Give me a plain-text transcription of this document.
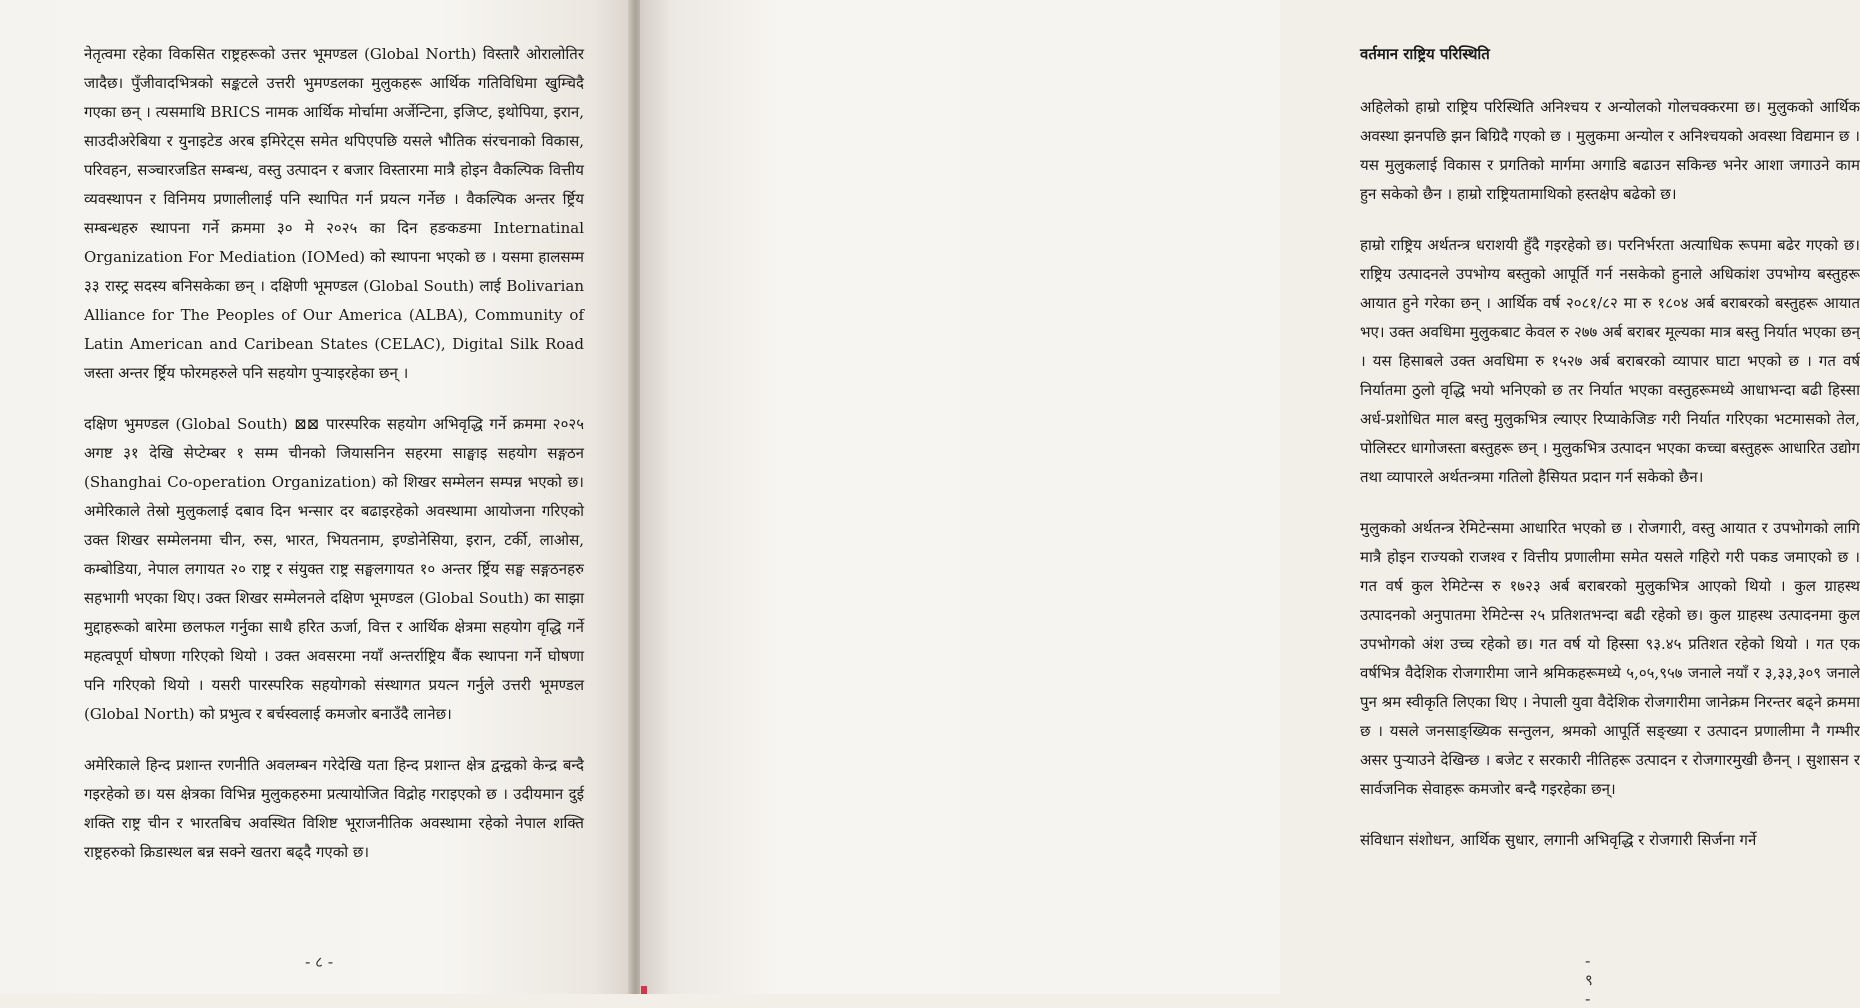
नेतृत्वमा रहेका विकसित राष्ट्रहरूको उत्तर भूमण्डल (Global North) विस्तारै ओरालोतिर जादैछ। पुँजीवादभित्रको सङ्कटले उत्तरी भुमण्डलका मुलुकहरू आर्थिक गतिविधिमा खुम्चिदै गएका छन् । त्यसमाथि BRICS नामक आर्थिक मोर्चामा अर्जेन्टिना, इजिप्ट, इथोपिया, इरान, साउदीअरेबिया र युनाइटेड अरब इमिरेट्स समेत थपिएपछि यसले भौतिक संरचनाको विकास, परिवहन, सञ्चारजडित सम्बन्ध, वस्तु उत्पादन र बजार विस्तारमा मात्रै होइन वैकल्पिक वित्तीय व्यवस्थापन र विनिमय प्रणालीलाई पनि स्थापित गर्न प्रयत्न गर्नेछ । वैकल्पिक अन्तर र्ष्ट्रिय सम्बन्धहरु स्थापना गर्ने क्रममा ३० मे २०२५ का दिन हङकङमा Internatinal Organization For Mediation (IOMed) को स्थापना भएको छ । यसमा हालसम्म ३३ रास्ट्र सदस्य बनिसकेका छन् । दक्षिणी भूमण्डल (Global South) लाई Bolivarian Alliance for The Peoples of Our America (ALBA), Community of Latin American and Caribean States (CELAC), Digital Silk Road जस्ता अन्तर र्ष्ट्रिय फोरमहरुले पनि सहयोग पुऱ्याइरहेका छन् ।

दक्षिण भुमण्डल (Global South) ⊠⊠ पारस्परिक सहयोग अभिवृद्धि गर्ने क्रममा २०२५ अगष्ट ३१ देखि सेप्टेम्बर १ सम्म चीनको जियासनिन सहरमा साङ्घाइ सहयोग सङ्गठन (Shanghai Co-operation Organization) को शिखर सम्मेलन सम्पन्न भएको छ। अमेरिकाले तेस्रो मुलुकलाई दबाव दिन भन्सार दर बढाइरहेको अवस्थामा आयोजना गरिएको उक्त शिखर सम्मेलनमा चीन, रुस, भारत, भियतनाम, इण्डोनेसिया, इरान, टर्की, लाओस, कम्बोडिया, नेपाल लगायत २० राष्ट्र र संयुक्त राष्ट्र सङ्घलगायत १० अन्तर र्ष्ट्रिय सङ्घ सङ्गठनहरु सहभागी भएका थिए। उक्त शिखर सम्मेलनले दक्षिण भूमण्डल (Global South) का साझा मुद्दाहरूको बारेमा छलफल गर्नुका साथै हरित ऊर्जा, वित्त र आर्थिक क्षेत्रमा सहयोग वृद्धि गर्ने महत्वपूर्ण घोषणा गरिएको थियो । उक्त अवसरमा नयाँ अन्तर्राष्ट्रिय बैंक स्थापना गर्ने घोषणा पनि गरिएको थियो । यसरी पारस्परिक सहयोगको संस्थागत प्रयत्न गर्नुले उत्तरी भूमण्डल (Global North) को प्रभुत्व र बर्चस्वलाई कमजोर बनाउँदै लानेछ।

अमेरिकाले हिन्द प्रशान्त रणनीति अवलम्बन गरेदेखि यता हिन्द प्रशान्त क्षेत्र द्वन्द्वको केन्द्र बन्दै गइरहेको छ। यस क्षेत्रका विभिन्न मुलुकहरुमा प्रत्यायोजित विद्रोह गराइएको छ । उदीयमान दुई शक्ति राष्ट्र चीन र भारतबिच अवस्थित विशिष्ट भूराजनीतिक अवस्थामा रहेको नेपाल शक्ति राष्ट्रहरुको क्रिडास्थल बन्न सक्ने खतरा बढ्दै गएको छ।

- ८ -

वर्तमान राष्ट्रिय परिस्थिति

अहिलेको हाम्रो राष्ट्रिय परिस्थिति अनिश्चय र अन्योलको गोलचक्करमा छ। मुलुकको आर्थिक अवस्था झनपछि झन बिग्रिदै गएको छ । मुलुकमा अन्योल र अनिश्चयको अवस्था विद्यमान छ । यस मुलुकलाई विकास र प्रगतिको मार्गमा अगाडि बढाउन सकिन्छ भनेर आशा जगाउने काम हुन सकेको छैन । हाम्रो राष्ट्रियतामाथिको हस्तक्षेप बढेको छ।

हाम्रो राष्ट्रिय अर्थतन्त्र धराशयी हुँदै गइरहेको छ। परनिर्भरता अत्याधिक रूपमा बढेर गएको छ। राष्ट्रिय उत्पादनले उपभोग्य बस्तुको आपूर्ति गर्न नसकेको हुनाले अधिकांश उपभोग्य बस्तुहरू आयात हुने गरेका छन् । आर्थिक वर्ष २०८१/८२ मा रु १८०४ अर्ब बराबरको बस्तुहरू आयात भए। उक्त अवधिमा मुलुकबाट केवल रु २७७ अर्ब बराबर मूल्यका मात्र बस्तु निर्यात भएका छन् । यस हिसाबले उक्त अवधिमा रु १५२७ अर्ब बराबरको व्यापार घाटा भएको छ । गत वर्ष निर्यातमा ठुलो वृद्धि भयो भनिएको छ तर निर्यात भएका वस्तुहरूमध्ये आधाभन्दा बढी हिस्सा अर्ध-प्रशोधित माल बस्तु मुलुकभित्र ल्याएर रिप्याकेजिङ गरी निर्यात गरिएका भटमासको तेल, पोलिस्टर धागोजस्ता बस्तुहरू छन् । मुलुकभित्र उत्पादन भएका कच्चा बस्तुहरू आधारित उद्योग तथा व्यापारले अर्थतन्त्रमा गतिलो हैसियत प्रदान गर्न सकेको छैन।

मुलुकको अर्थतन्त्र रेमिटेन्समा आधारित भएको छ । रोजगारी, वस्तु आयात र उपभोगको लागि मात्रै होइन राज्यको राजश्व र वित्तीय प्रणालीमा समेत यसले गहिरो गरी पकड जमाएको छ । गत वर्ष कुल रेमिटेन्स रु १७२३ अर्ब बराबरको मुलुकभित्र आएको थियो । कुल ग्राहस्थ उत्पादनको अनुपातमा रेमिटेन्स २५ प्रतिशतभन्दा बढी रहेको छ। कुल ग्राहस्थ उत्पादनमा कुल उपभोगको अंश उच्च रहेको छ। गत वर्ष यो हिस्सा ९३.४५ प्रतिशत रहेको थियो । गत एक वर्षभित्र वैदेशिक रोजगारीमा जाने श्रमिकहरूमध्ये ५,०५,९५७ जनाले नयाँ र ३,३३,३०९ जनाले पुन श्रम स्वीकृति लिएका थिए । नेपाली युवा वैदेशिक रोजगारीमा जानेक्रम निरन्तर बढ्ने क्रममा छ । यसले जनसाङ्ख्यिक सन्तुलन, श्रमको आपूर्ति सङ्ख्या र उत्पादन प्रणालीमा नै गम्भीर असर पुऱ्याउने देखिन्छ । बजेट र सरकारी नीतिहरू उत्पादन र रोजगारमुखी छैनन् । सुशासन र सार्वजनिक सेवाहरू कमजोर बन्दै गइरहेका छन्।

संविधान संशोधन, आर्थिक सुधार, लगानी अभिवृद्धि र रोजगारी सिर्जना गर्ने

- ९ -
